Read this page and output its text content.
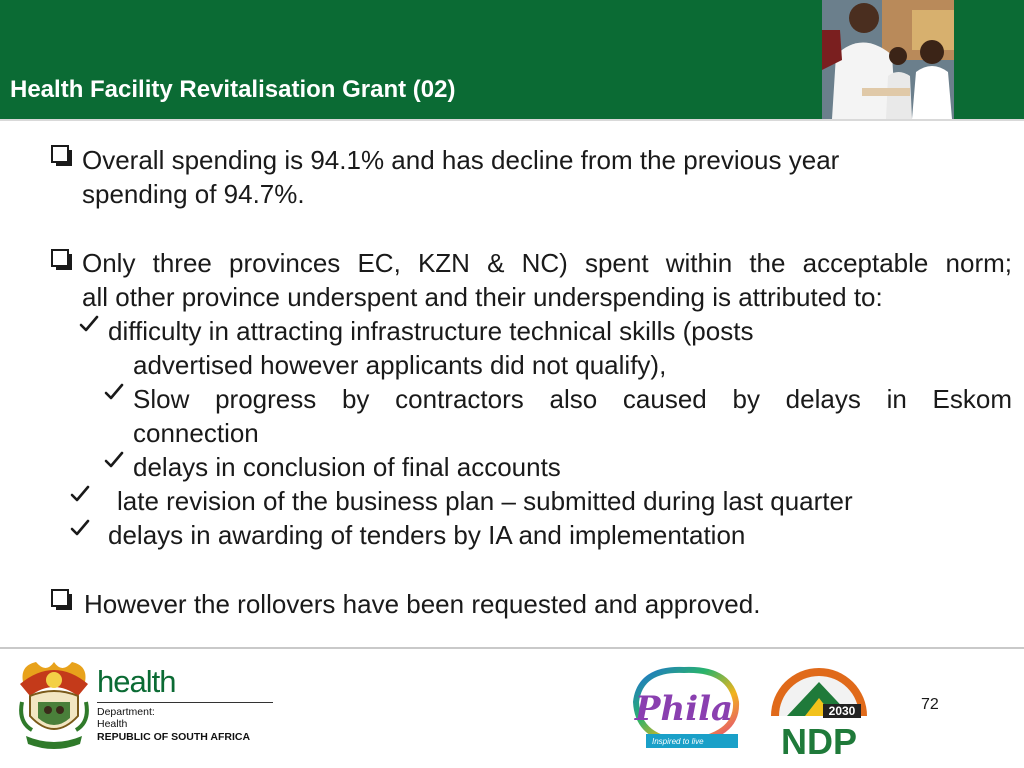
Health Facility Revitalisation Grant (02)
Overall spending is 94.1% and has decline from the previous year
spending of 94.7%.
Only three provinces EC, KZN & NC) spent within the acceptable norm;
all other province underspent and their underspending is attributed to:
difficulty in attracting infrastructure technical skills (posts
advertised however applicants did not qualify),
Slow progress by contractors also caused by delays in Eskom
connection
delays in conclusion of final accounts
late revision of the business plan – submitted during last quarter
delays in awarding of tenders by IA and implementation
However the rollovers have been requested and approved.
health
Department:
Health
REPUBLIC OF SOUTH AFRICA
Phila
Inspired to live
2030
NDP
72
